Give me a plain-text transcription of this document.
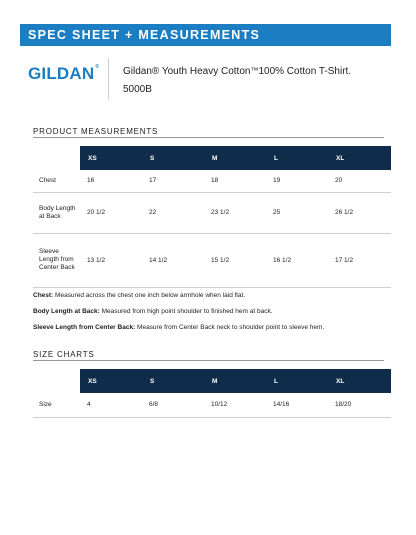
SPEC SHEET + MEASUREMENTS
GILDAN® Gildan® Youth Heavy Cotton™100% Cotton T-Shirt.
5000B
PRODUCT MEASUREMENTS
	XS	S	M	L	XL
Chest	16	17	18	19	20
Body Length at Back	20 1/2	22	23 1/2	25	26 1/2
Sleeve Length from Center Back	13 1/2	14 1/2	15 1/2	16 1/2	17 1/2

Chest: Measured across the chest one inch below armhole when laid flat.

Body Length at Back: Measured from high point shoulder to finished hem at back.

Sleeve Length from Center Back: Measure from Center Back neck to shoulder point to sleeve hem.

SIZE CHARTS
	XS	S	M	L	XL
Size	4	6/8	10/12	14/16	18/20
